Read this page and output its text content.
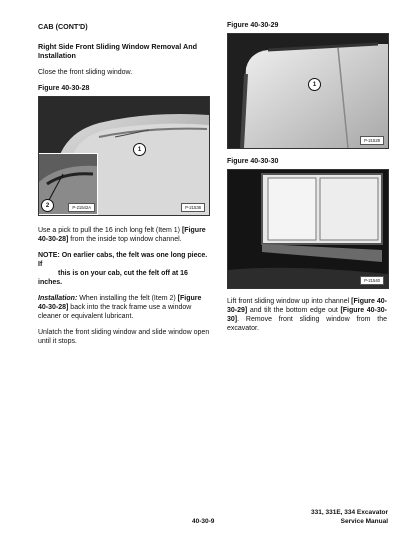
CAB (CONT'D)
Right Side Front Sliding Window Removal And Installation

Close the front sliding window.

Figure 40-30-28
1
P-21538
2	P-21542A

Use a pick to pull the 16 inch long felt (Item 1) [Figure 40-30-28] from the inside top window channel.

NOTE: On earlier cabs, the felt was one long piece. If
this is on your cab, cut the felt off at 16 inches.

Installation: When installing the felt (Item 2) [Figure 40-30-28] back into the track frame use a window cleaner or equivalent lubricant.

Unlatch the front sliding window and slide window open until it stops.

Figure 40-30-29
1
P-21528
Figure 40-30-30
P-21540

Lift front sliding window up into channel [Figure 40-30-29] and tilt the bottom edge out [Figure 40-30-30]. Remove front sliding window from the excavator.

40-30-9
331, 331E, 334 Excavator
Service Manual
